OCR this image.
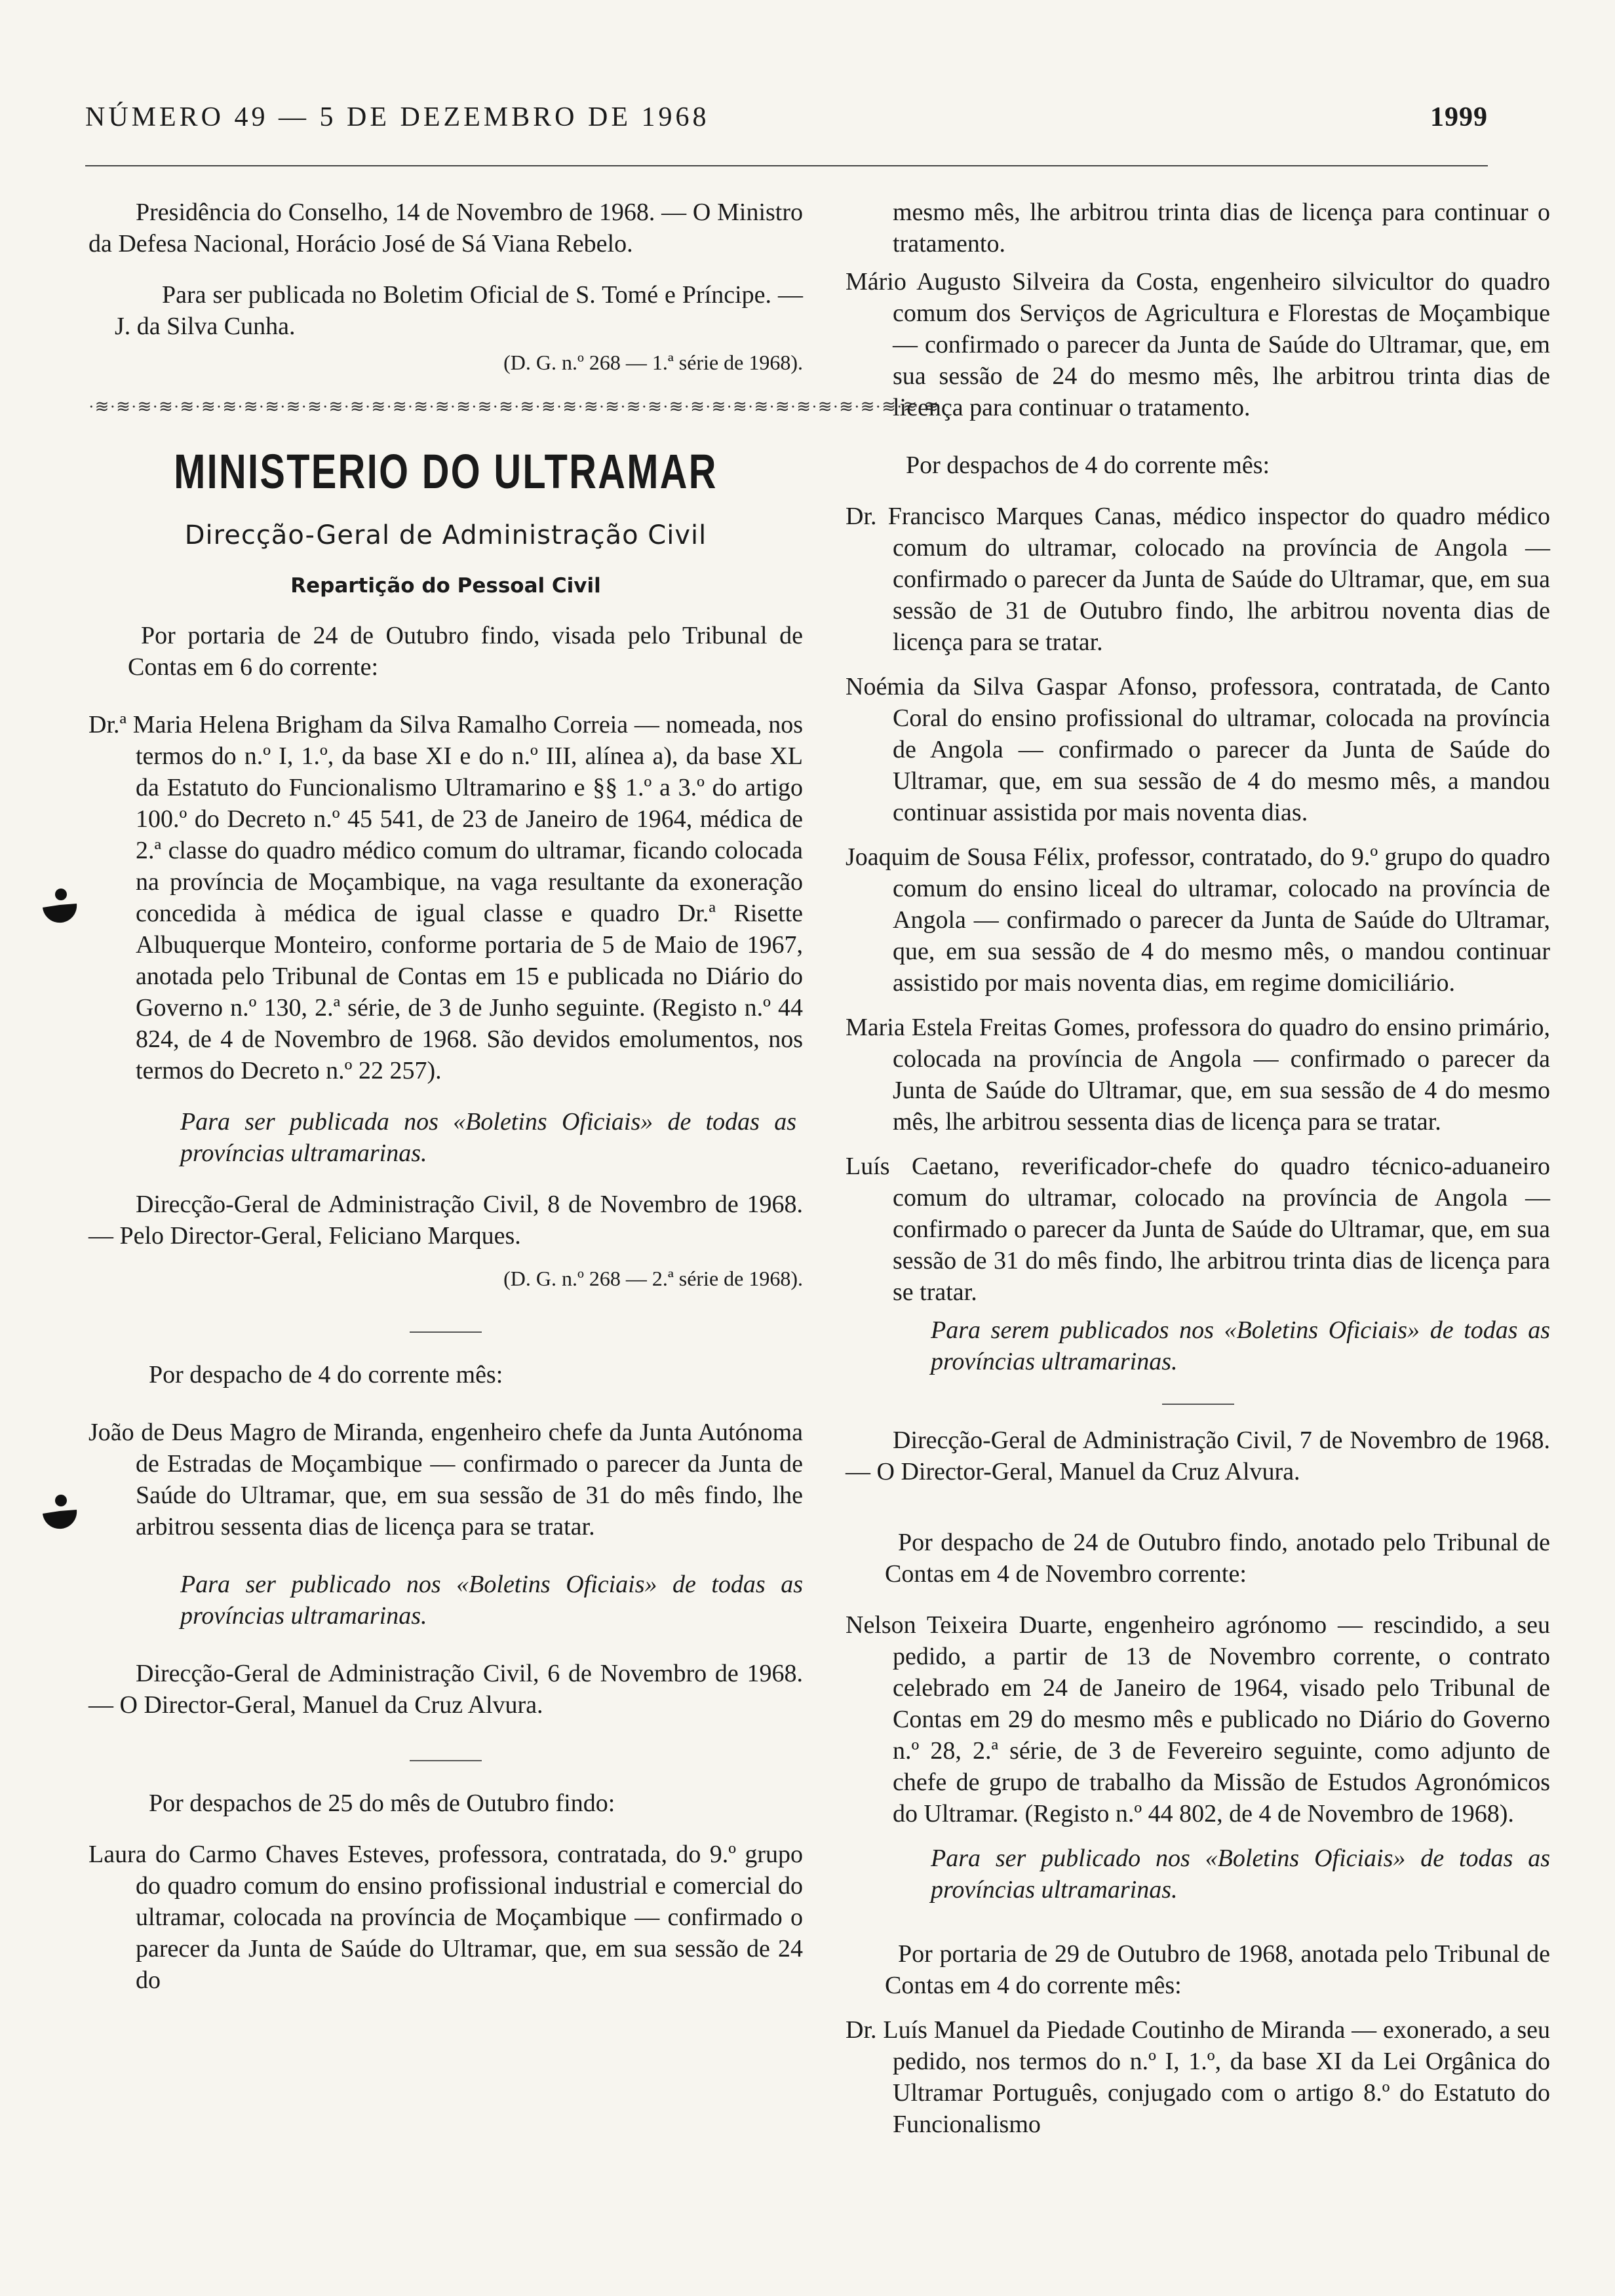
NÚMERO 49 — 5 DE DEZEMBRO DE 1968	1999

Presidência do Conselho, 14 de Novembro de 1968. — O Ministro da Defesa Nacional, Horácio José de Sá Viana Rebelo.

Para ser publicada no Boletim Oficial de S. Tomé e Príncipe. — J. da Silva Cunha.

(D. G. n.º 268 — 1.ª série de 1968).

·≋·≋·≋·≋·≋·≋·≋·≋·≋·≋·≋·≋·≋·≋·≋·≋·≋·≋·≋·≋·≋·≋·≋·≋·≋·≋·≋·≋·≋·≋·≋·≋·≋·≋·≋·≋·≋·≋·≋·≋
MINISTERIO DO ULTRAMAR
Direcção-Geral de Administração Civil
Repartição do Pessoal Civil

Por portaria de 24 de Outubro findo, visada pelo Tribunal de Contas em 6 do corrente:

Dr.ª Maria Helena Brigham da Silva Ramalho Correia — nomeada, nos termos do n.º I, 1.º, da base XI e do n.º III, alínea a), da base XL da Estatuto do Funcionalismo Ultramarino e §§ 1.º a 3.º do artigo 100.º do Decreto n.º 45 541, de 23 de Janeiro de 1964, médica de 2.ª classe do quadro médico comum do ultramar, ficando colocada na província de Moçambique, na vaga resultante da exoneração concedida à médica de igual classe e quadro Dr.ª Risette Albuquerque Monteiro, conforme portaria de 5 de Maio de 1967, anotada pelo Tribunal de Contas em 15 e publicada no Diário do Governo n.º 130, 2.ª série, de 3 de Junho seguinte. (Registo n.º 44 824, de 4 de Novembro de 1968. São devidos emolumentos, nos termos do Decreto n.º 22 257).

Para ser publicada nos «Boletins Oficiais» de todas as províncias ultramarinas.

Direcção-Geral de Administração Civil, 8 de Novembro de 1968. — Pelo Director-Geral, Feliciano Marques.

(D. G. n.º 268 — 2.ª série de 1968).

Por despacho de 4 do corrente mês:

João de Deus Magro de Miranda, engenheiro chefe da Junta Autónoma de Estradas de Moçambique — confirmado o parecer da Junta de Saúde do Ultramar, que, em sua sessão de 31 do mês findo, lhe arbitrou sessenta dias de licença para se tratar.

Para ser publicado nos «Boletins Oficiais» de todas as províncias ultramarinas.

Direcção-Geral de Administração Civil, 6 de Novembro de 1968. — O Director-Geral, Manuel da Cruz Alvura.

Por despachos de 25 do mês de Outubro findo:

Laura do Carmo Chaves Esteves, professora, contratada, do 9.º grupo do quadro comum do ensino profissional industrial e comercial do ultramar, colocada na província de Moçambique — confirmado o parecer da Junta de Saúde do Ultramar, que, em sua sessão de 24 do

mesmo mês, lhe arbitrou trinta dias de licença para continuar o tratamento.

Mário Augusto Silveira da Costa, engenheiro silvicultor do quadro comum dos Serviços de Agricultura e Florestas de Moçambique — confirmado o parecer da Junta de Saúde do Ultramar, que, em sua sessão de 24 do mesmo mês, lhe arbitrou trinta dias de licença para continuar o tratamento.

Por despachos de 4 do corrente mês:

Dr. Francisco Marques Canas, médico inspector do quadro médico comum do ultramar, colocado na província de Angola — confirmado o parecer da Junta de Saúde do Ultramar, que, em sua sessão de 31 de Outubro findo, lhe arbitrou noventa dias de licença para se tratar.

Noémia da Silva Gaspar Afonso, professora, contratada, de Canto Coral do ensino profissional do ultramar, colocada na província de Angola — confirmado o parecer da Junta de Saúde do Ultramar, que, em sua sessão de 4 do mesmo mês, a mandou continuar assistida por mais noventa dias.

Joaquim de Sousa Félix, professor, contratado, do 9.º grupo do quadro comum do ensino liceal do ultramar, colocado na província de Angola — confirmado o parecer da Junta de Saúde do Ultramar, que, em sua sessão de 4 do mesmo mês, o mandou continuar assistido por mais noventa dias, em regime domiciliário.

Maria Estela Freitas Gomes, professora do quadro do ensino primário, colocada na província de Angola — confirmado o parecer da Junta de Saúde do Ultramar, que, em sua sessão de 4 do mesmo mês, lhe arbitrou sessenta dias de licença para se tratar.

Luís Caetano, reverificador-chefe do quadro técnico-aduaneiro comum do ultramar, colocado na província de Angola — confirmado o parecer da Junta de Saúde do Ultramar, que, em sua sessão de 31 do mês findo, lhe arbitrou trinta dias de licença para se tratar.

Para serem publicados nos «Boletins Oficiais» de todas as províncias ultramarinas.

Direcção-Geral de Administração Civil, 7 de Novembro de 1968. — O Director-Geral, Manuel da Cruz Alvura.

Por despacho de 24 de Outubro findo, anotado pelo Tribunal de Contas em 4 de Novembro corrente:

Nelson Teixeira Duarte, engenheiro agrónomo — rescindido, a seu pedido, a partir de 13 de Novembro corrente, o contrato celebrado em 24 de Janeiro de 1964, visado pelo Tribunal de Contas em 29 do mesmo mês e publicado no Diário do Governo n.º 28, 2.ª série, de 3 de Fevereiro seguinte, como adjunto de chefe de grupo de trabalho da Missão de Estudos Agronómicos do Ultramar. (Registo n.º 44 802, de 4 de Novembro de 1968).

Para ser publicado nos «Boletins Oficiais» de todas as províncias ultramarinas.

Por portaria de 29 de Outubro de 1968, anotada pelo Tribunal de Contas em 4 do corrente mês:

Dr. Luís Manuel da Piedade Coutinho de Miranda — exonerado, a seu pedido, nos termos do n.º I, 1.º, da base XI da Lei Orgânica do Ultramar Português, conjugado com o artigo 8.º do Estatuto do Funcionalismo
